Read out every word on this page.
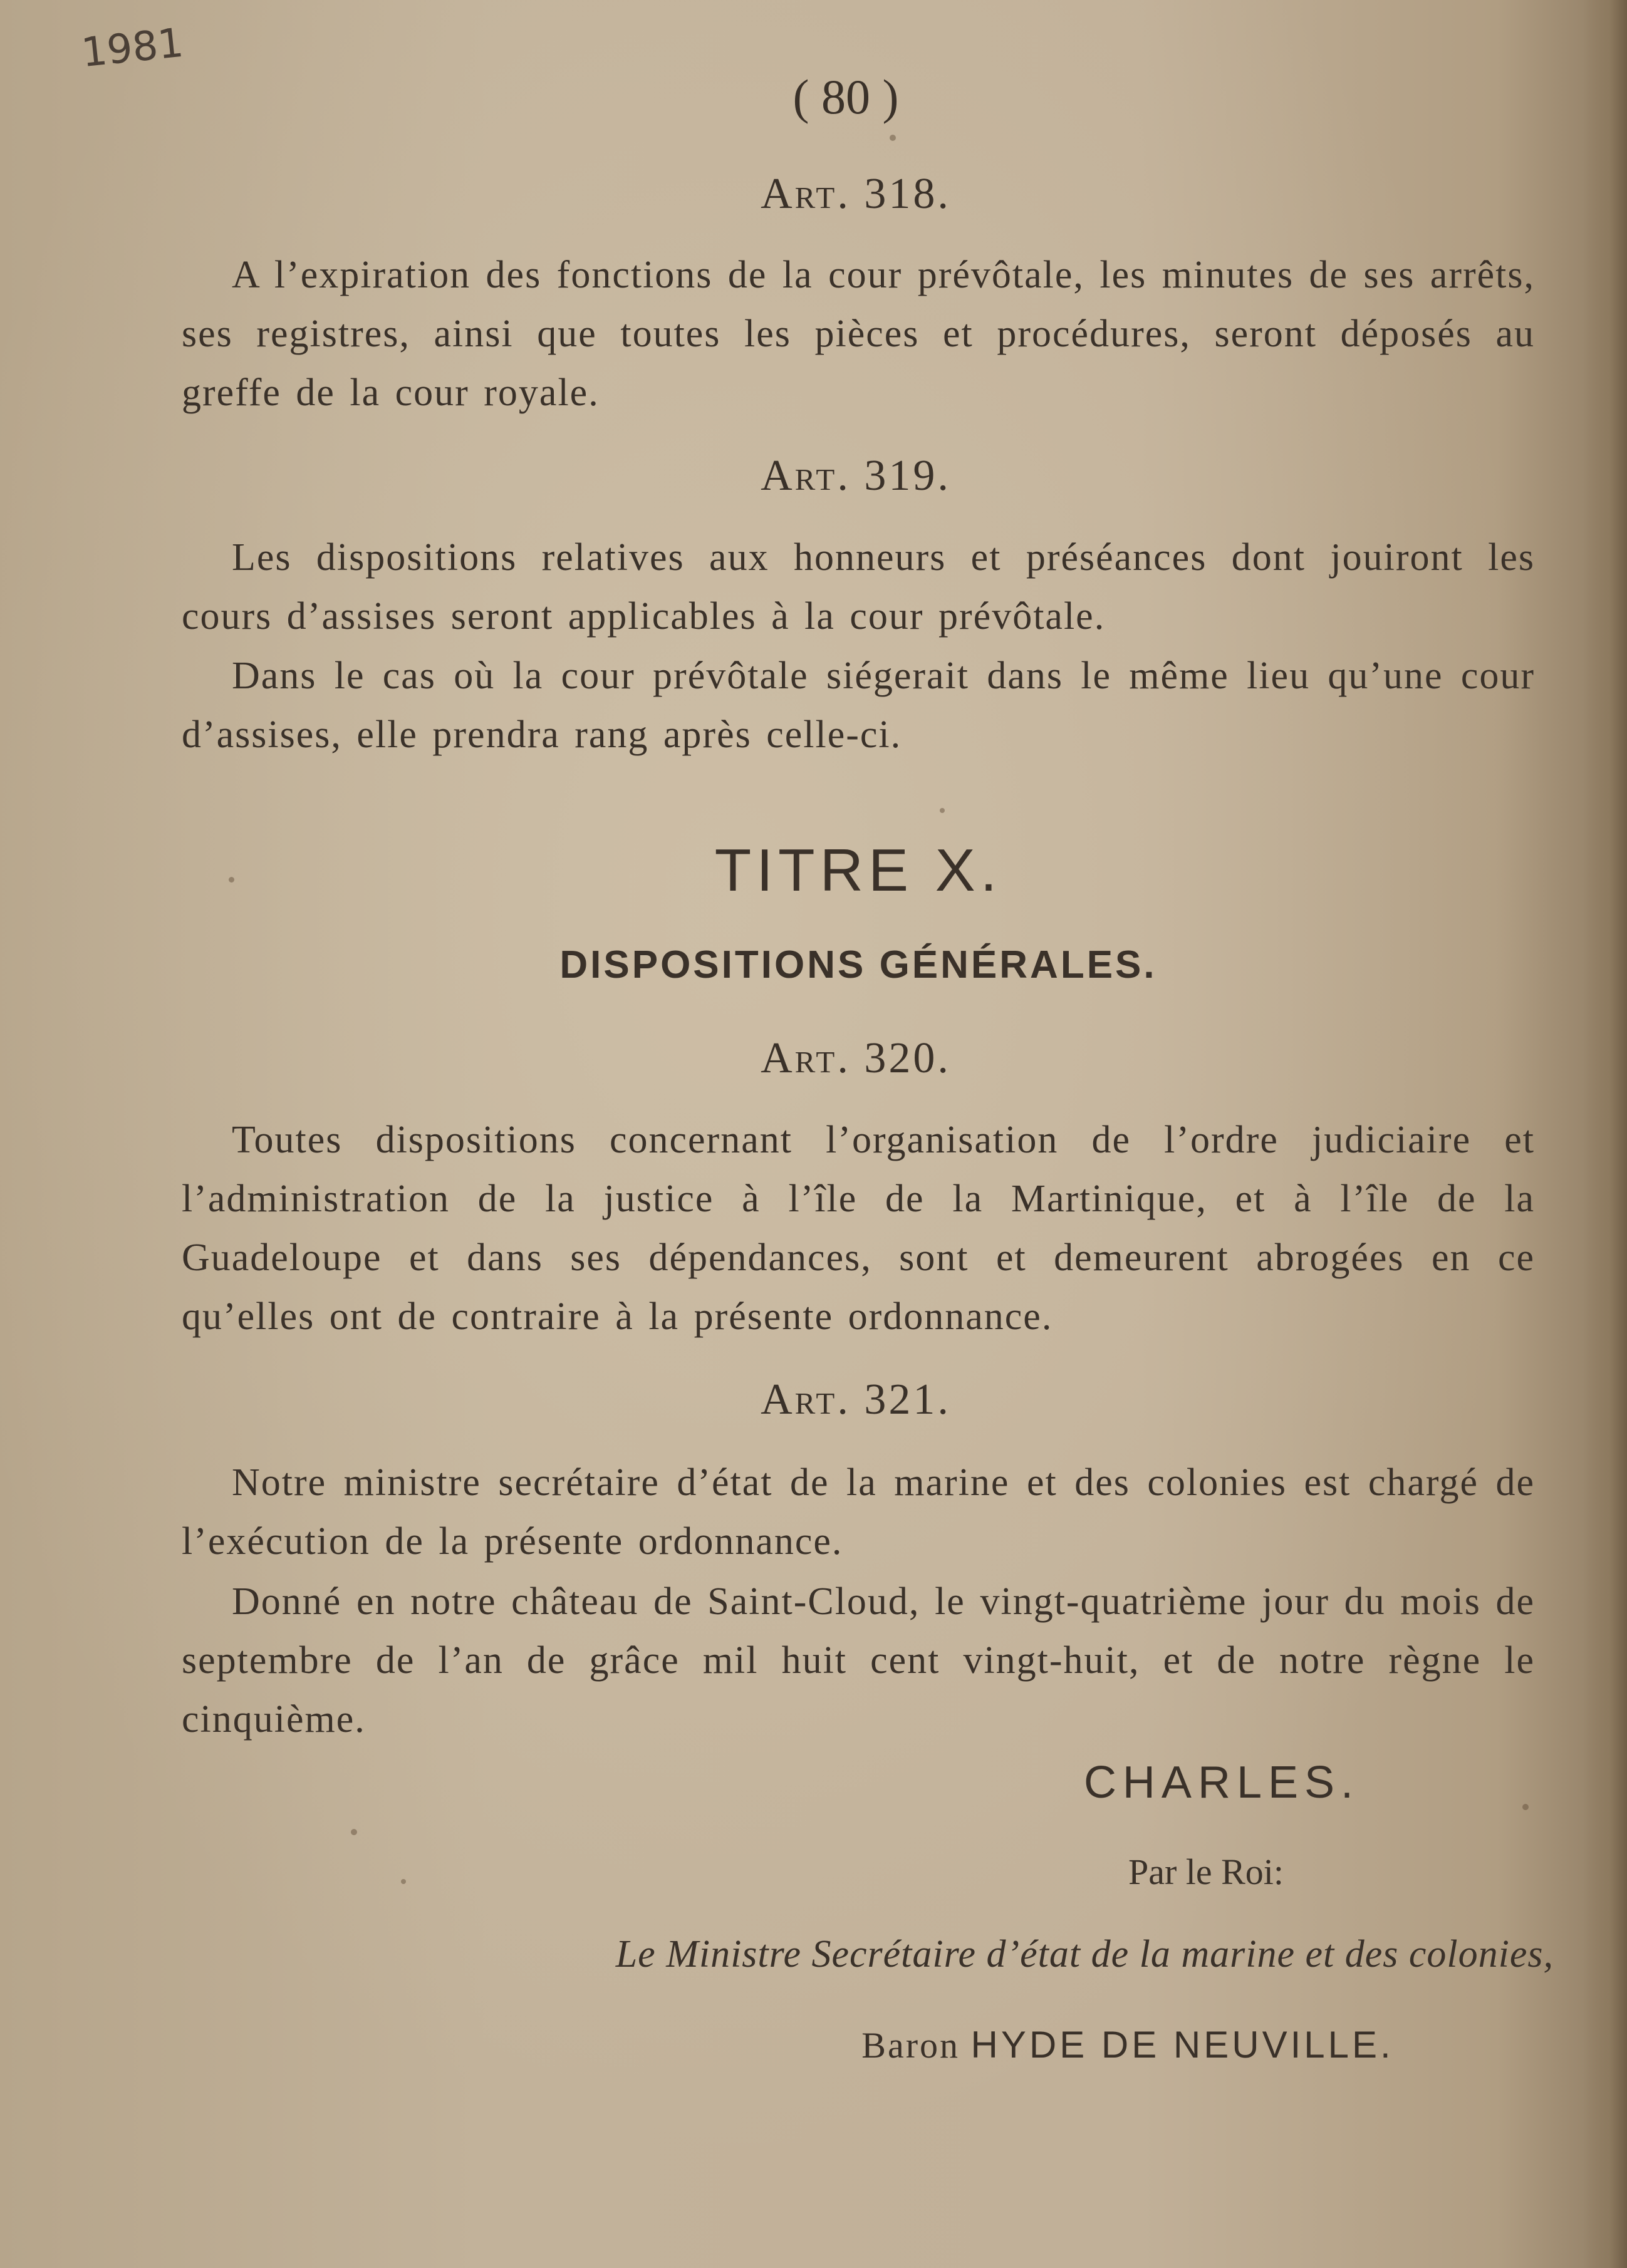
1981
( 80 )
Art. 318.
A l’expiration des fonctions de la cour prévôtale, les minutes de ses arrêts, ses registres, ainsi que toutes les pièces et procédures, seront déposés au greffe de la cour royale.
Art. 319.
Les dispositions relatives aux honneurs et préséances dont jouiront les cours d’assises seront applicables à la cour prévôtale.
Dans le cas où la cour prévôtale siégerait dans le même lieu qu’une cour d’assises, elle prendra rang après celle-ci.
TITRE X.
DISPOSITIONS GÉNÉRALES.
Art. 320.
Toutes dispositions concernant l’organisation de l’ordre judiciaire et l’administration de la justice à l’île de la Martinique, et à l’île de la Guadeloupe et dans ses dépendances, sont et demeurent abrogées en ce qu’elles ont de contraire à la présente ordonnance.
Art. 321.
Notre ministre secrétaire d’état de la marine et des colonies est chargé de l’exécution de la présente ordonnance.
Donné en notre château de Saint-Cloud, le vingt-quatrième jour du mois de septembre de l’an de grâce mil huit cent vingt-huit, et de notre règne le cinquième.
CHARLES.
Par le Roi:
Le Ministre Secrétaire d’état de la marine et des colonies,
Baron HYDE DE NEUVILLE.
